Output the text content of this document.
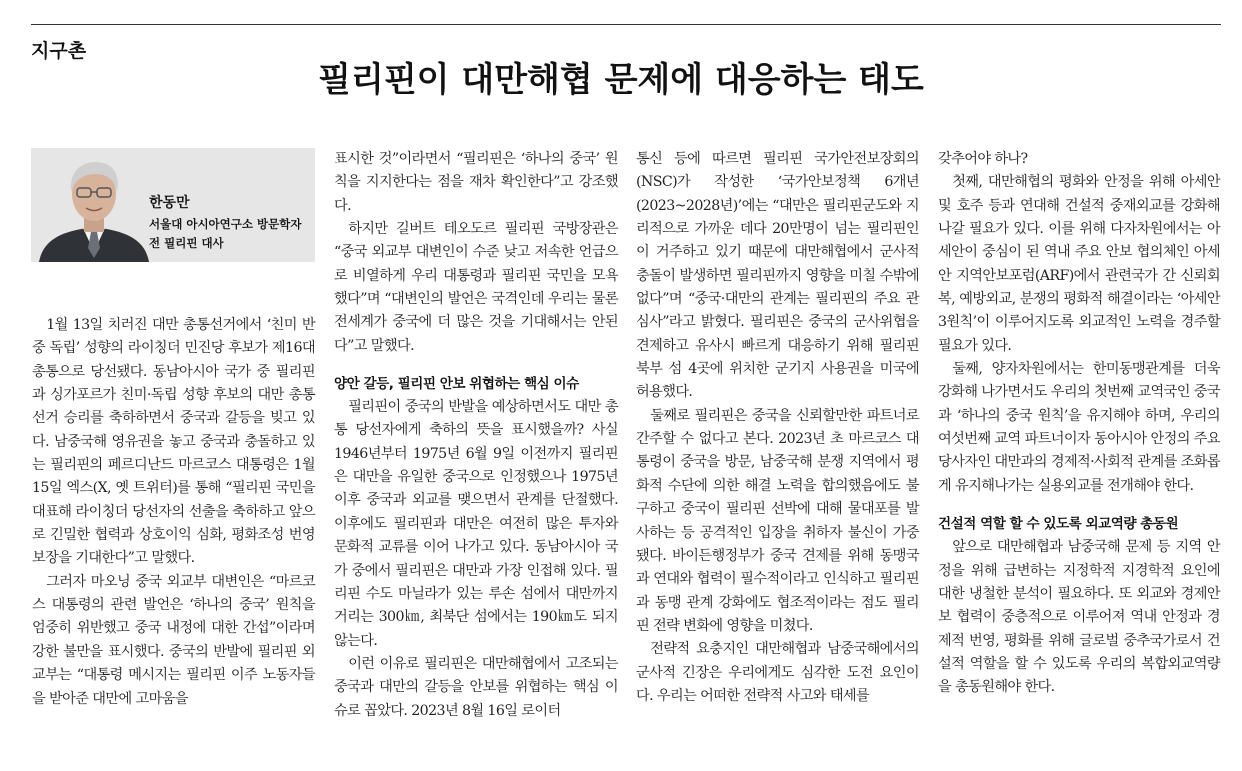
지구촌
필리핀이 대만해협 문제에 대응하는 태도
한동만
서울대 아시아연구소 방문학자
전 필리핀 대사

1월 13일 치러진 대만 총통선거에서 ‘친미 반중 독립’ 성향의 라이칭더 민진당 후보가 제16대 총통으로 당선됐다. 동남아시아 국가 중 필리핀과 싱가포르가 친미·독립 성향 후보의 대만 총통 선거 승리를 축하하면서 중국과 갈등을 빚고 있다. 남중국해 영유권을 놓고 중국과 충돌하고 있는 필리핀의 페르디난드 마르코스 대통령은 1월 15일 엑스(X, 옛 트위터)를 통해 “필리핀 국민을 대표해 라이칭더 당선자의 선출을 축하하고 앞으로 긴밀한 협력과 상호이익 심화, 평화조성 번영보장을 기대한다”고 말했다.

그러자 마오닝 중국 외교부 대변인은 “마르코스 대통령의 관련 발언은 ‘하나의 중국’ 원칙을 엄중히 위반했고 중국 내정에 대한 간섭”이라며 강한 불만을 표시했다. 중국의 반발에 필리핀 외교부는 “대통령 메시지는 필리핀 이주 노동자들을 받아준 대만에 고마움을

표시한 것”이라면서 “필리핀은 ‘하나의 중국’ 원칙을 지지한다는 점을 재차 확인한다”고 강조했다.

하지만 길버트 테오도르 필리핀 국방장관은 “중국 외교부 대변인이 수준 낮고 저속한 언급으로 비열하게 우리 대통령과 필리핀 국민을 모욕했다”며 “대변인의 발언은 국격인데 우리는 물론 전세계가 중국에 더 많은 것을 기대해서는 안된다”고 말했다.

양안 갈등, 필리핀 안보 위협하는 핵심 이슈

필리핀이 중국의 반발을 예상하면서도 대만 총통 당선자에게 축하의 뜻을 표시했을까? 사실 1946년부터 1975년 6월 9일 이전까지 필리핀은 대만을 유일한 중국으로 인정했으나 1975년 이후 중국과 외교를 맺으면서 관계를 단절했다. 이후에도 필리핀과 대만은 여전히 많은 투자와 문화적 교류를 이어 나가고 있다. 동남아시아 국가 중에서 필리핀은 대만과 가장 인접해 있다. 필리핀 수도 마닐라가 있는 루손 섬에서 대만까지 거리는 300㎞, 최북단 섬에서는 190㎞도 되지 않는다.

이런 이유로 필리핀은 대만해협에서 고조되는 중국과 대만의 갈등을 안보를 위협하는 핵심 이슈로 꼽았다. 2023년 8월 16일 로이터

통신 등에 따르면 필리핀 국가안전보장회의(NSC)가 작성한 ‘국가안보정책 6개년(2023~2028년)’에는 “대만은 필리핀군도와 지리적으로 가까운 데다 20만명이 넘는 필리핀인이 거주하고 있기 때문에 대만해협에서 군사적 충돌이 발생하면 필리핀까지 영향을 미칠 수밖에 없다”며 “중국·대만의 관계는 필리핀의 주요 관심사”라고 밝혔다. 필리핀은 중국의 군사위협을 견제하고 유사시 빠르게 대응하기 위해 필리핀 북부 섬 4곳에 위치한 군기지 사용권을 미국에 허용했다.

둘째로 필리핀은 중국을 신뢰할만한 파트너로 간주할 수 없다고 본다. 2023년 초 마르코스 대통령이 중국을 방문, 남중국해 분쟁 지역에서 평화적 수단에 의한 해결 노력을 합의했음에도 불구하고 중국이 필리핀 선박에 대해 물대포를 발사하는 등 공격적인 입장을 취하자 불신이 가중됐다. 바이든행정부가 중국 견제를 위해 동맹국과 연대와 협력이 필수적이라고 인식하고 필리핀과 동맹 관계 강화에도 협조적이라는 점도 필리핀 전략 변화에 영향을 미쳤다.

전략적 요충지인 대만해협과 남중국해에서의 군사적 긴장은 우리에게도 심각한 도전 요인이다. 우리는 어떠한 전략적 사고와 태세를

갖추어야 하나?

첫째, 대만해협의 평화와 안정을 위해 아세안 및 호주 등과 연대해 건설적 중재외교를 강화해 나갈 필요가 있다. 이를 위해 다자차원에서는 아세안이 중심이 된 역내 주요 안보 협의체인 아세안 지역안보포럼(ARF)에서 관련국가 간 신뢰회복, 예방외교, 분쟁의 평화적 해결이라는 ‘아세안 3원칙’이 이루어지도록 외교적인 노력을 경주할 필요가 있다.

둘째, 양자차원에서는 한미동맹관계를 더욱 강화해 나가면서도 우리의 첫번째 교역국인 중국과 ‘하나의 중국 원칙’을 유지해야 하며, 우리의 여섯번째 교역 파트너이자 동아시아 안정의 주요 당사자인 대만과의 경제적·사회적 관계를 조화롭게 유지해나가는 실용외교를 전개해야 한다.

건설적 역할 할 수 있도록 외교역량 총동원

앞으로 대만해협과 남중국해 문제 등 지역 안정을 위해 급변하는 지정학적 지경학적 요인에 대한 냉철한 분석이 필요하다. 또 외교와 경제안보 협력이 중층적으로 이루어져 역내 안정과 경제적 번영, 평화를 위해 글로벌 중추국가로서 건설적 역할을 할 수 있도록 우리의 복합외교역량을 총동원해야 한다.
